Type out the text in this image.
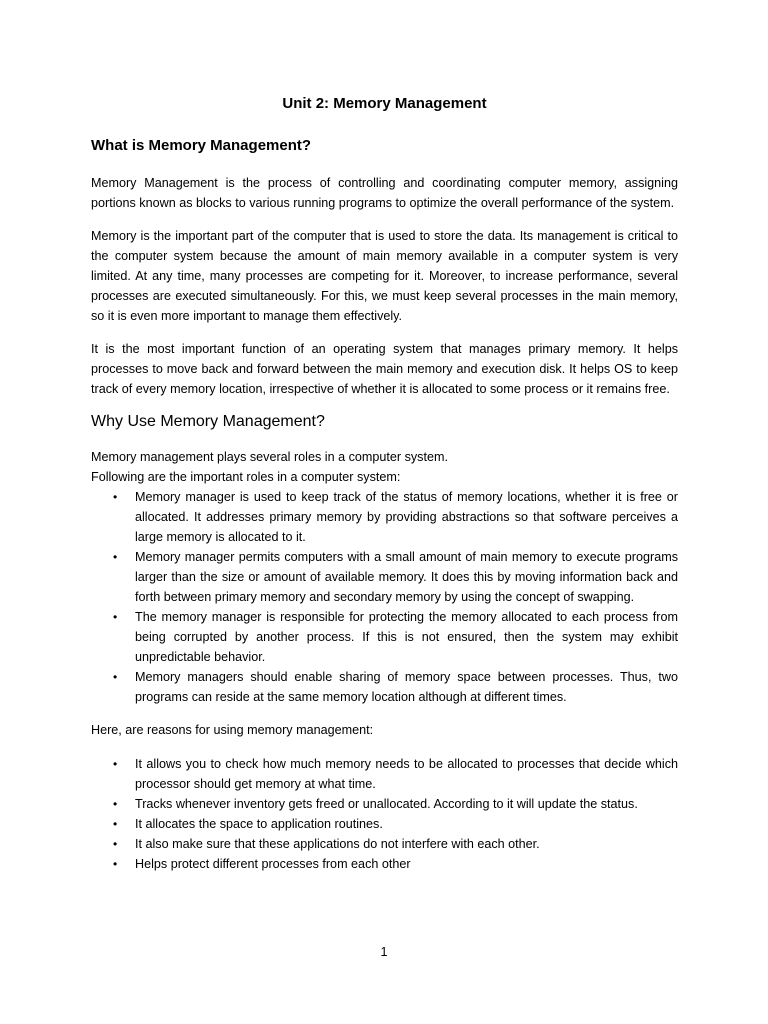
Unit 2: Memory Management
What is Memory Management?

Memory Management is the process of controlling and coordinating computer memory, assigning portions known as blocks to various running programs to optimize the overall performance of the system.

Memory is the important part of the computer that is used to store the data. Its management is critical to the computer system because the amount of main memory available in a computer system is very limited. At any time, many processes are competing for it. Moreover, to increase performance, several processes are executed simultaneously. For this, we must keep several processes in the main memory, so it is even more important to manage them effectively.

It is the most important function of an operating system that manages primary memory. It helps processes to move back and forward between the main memory and execution disk. It helps OS to keep track of every memory location, irrespective of whether it is allocated to some process or it remains free.

Why Use Memory Management?

Memory management plays several roles in a computer system.

Following are the important roles in a computer system:

• Memory manager is used to keep track of the status of memory locations, whether it is free or allocated. It addresses primary memory by providing abstractions so that software perceives a large memory is allocated to it.
• Memory manager permits computers with a small amount of main memory to execute programs larger than the size or amount of available memory. It does this by moving information back and forth between primary memory and secondary memory by using the concept of swapping.
• The memory manager is responsible for protecting the memory allocated to each process from being corrupted by another process. If this is not ensured, then the system may exhibit unpredictable behavior.
• Memory managers should enable sharing of memory space between processes. Thus, two programs can reside at the same memory location although at different times.

Here, are reasons for using memory management:

• It allows you to check how much memory needs to be allocated to processes that decide which processor should get memory at what time.
• Tracks whenever inventory gets freed or unallocated. According to it will update the status.
• It allocates the space to application routines.
• It also make sure that these applications do not interfere with each other.
• Helps protect different processes from each other
1
